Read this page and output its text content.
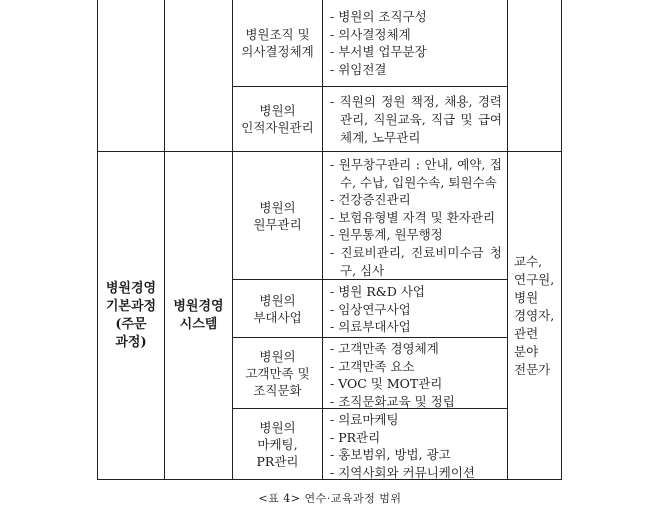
병원경영
기본과정
(주문
과정)
병원경영
시스템
교수,
연구원,
병원
경영자,
관련
분야
전문가
병원조직 및
의사결정체계
- 병원의 조직구성
- 의사결정체계
- 부서별 업무분장
- 위임전결
병원의
인적자원관리
- 직원의 정원 책정, 채용, 경력관리, 직원교육, 직급 및 급여체계, 노무관리
병원의
원무관리
- 원무창구관리 : 안내, 예약, 접수, 수납, 입원수속, 퇴원수속
- 건강증진관리
- 보험유형별 자격 및 환자관리
- 원무통계, 원무행정
- 진료비관리, 진료비미수금 청구, 심사
병원의
부대사업
- 병원 R&D 사업
- 임상연구사업
- 의료부대사업
병원의
고객만족 및
조직문화
- 고객만족 경영체계
- 고객만족 요소
- VOC 및 MOT관리
- 조직문화교육 및 정립
병원의
마케팅,
PR관리
- 의료마케팅
- PR관리
- 홍보범위, 방법, 광고
- 지역사회와 커뮤니케이션
<표 4> 연수·교육과정 범위
